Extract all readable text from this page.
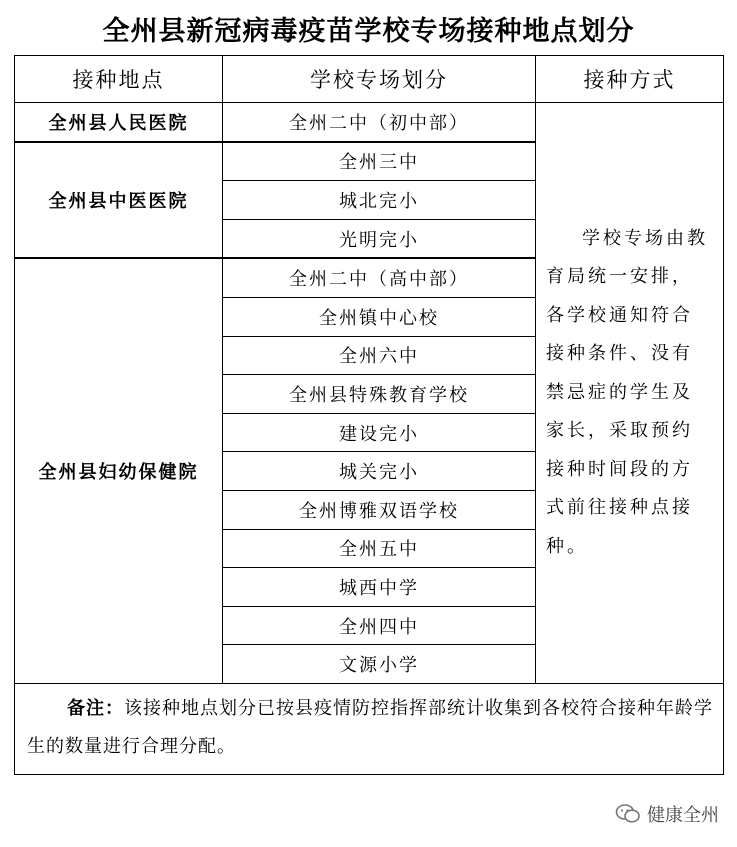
全州县新冠病毒疫苗学校专场接种地点划分
接种地点	学校专场划分	接种方式
全州县人民医院	全州二中（初中部）	学校专场由教育局统一安排，各学校通知符合接种条件、没有禁忌症的学生及家长，采取预约接种时间段的方式前往接种点接种。
全州县中医医院	全州三中	
	城北完小	
	光明完小	
全州县妇幼保健院	全州二中（高中部）	
	全州镇中心校	
	全州六中	
	全州县特殊教育学校	
	建设完小	
	城关完小	
	全州博雅双语学校	
	全州五中	
	城西中学	
	全州四中	
	文源小学	
备注：该接种地点划分已按县疫情防控指挥部统计收集到各校符合接种年龄学生的数量进行合理分配。		
健康全州
